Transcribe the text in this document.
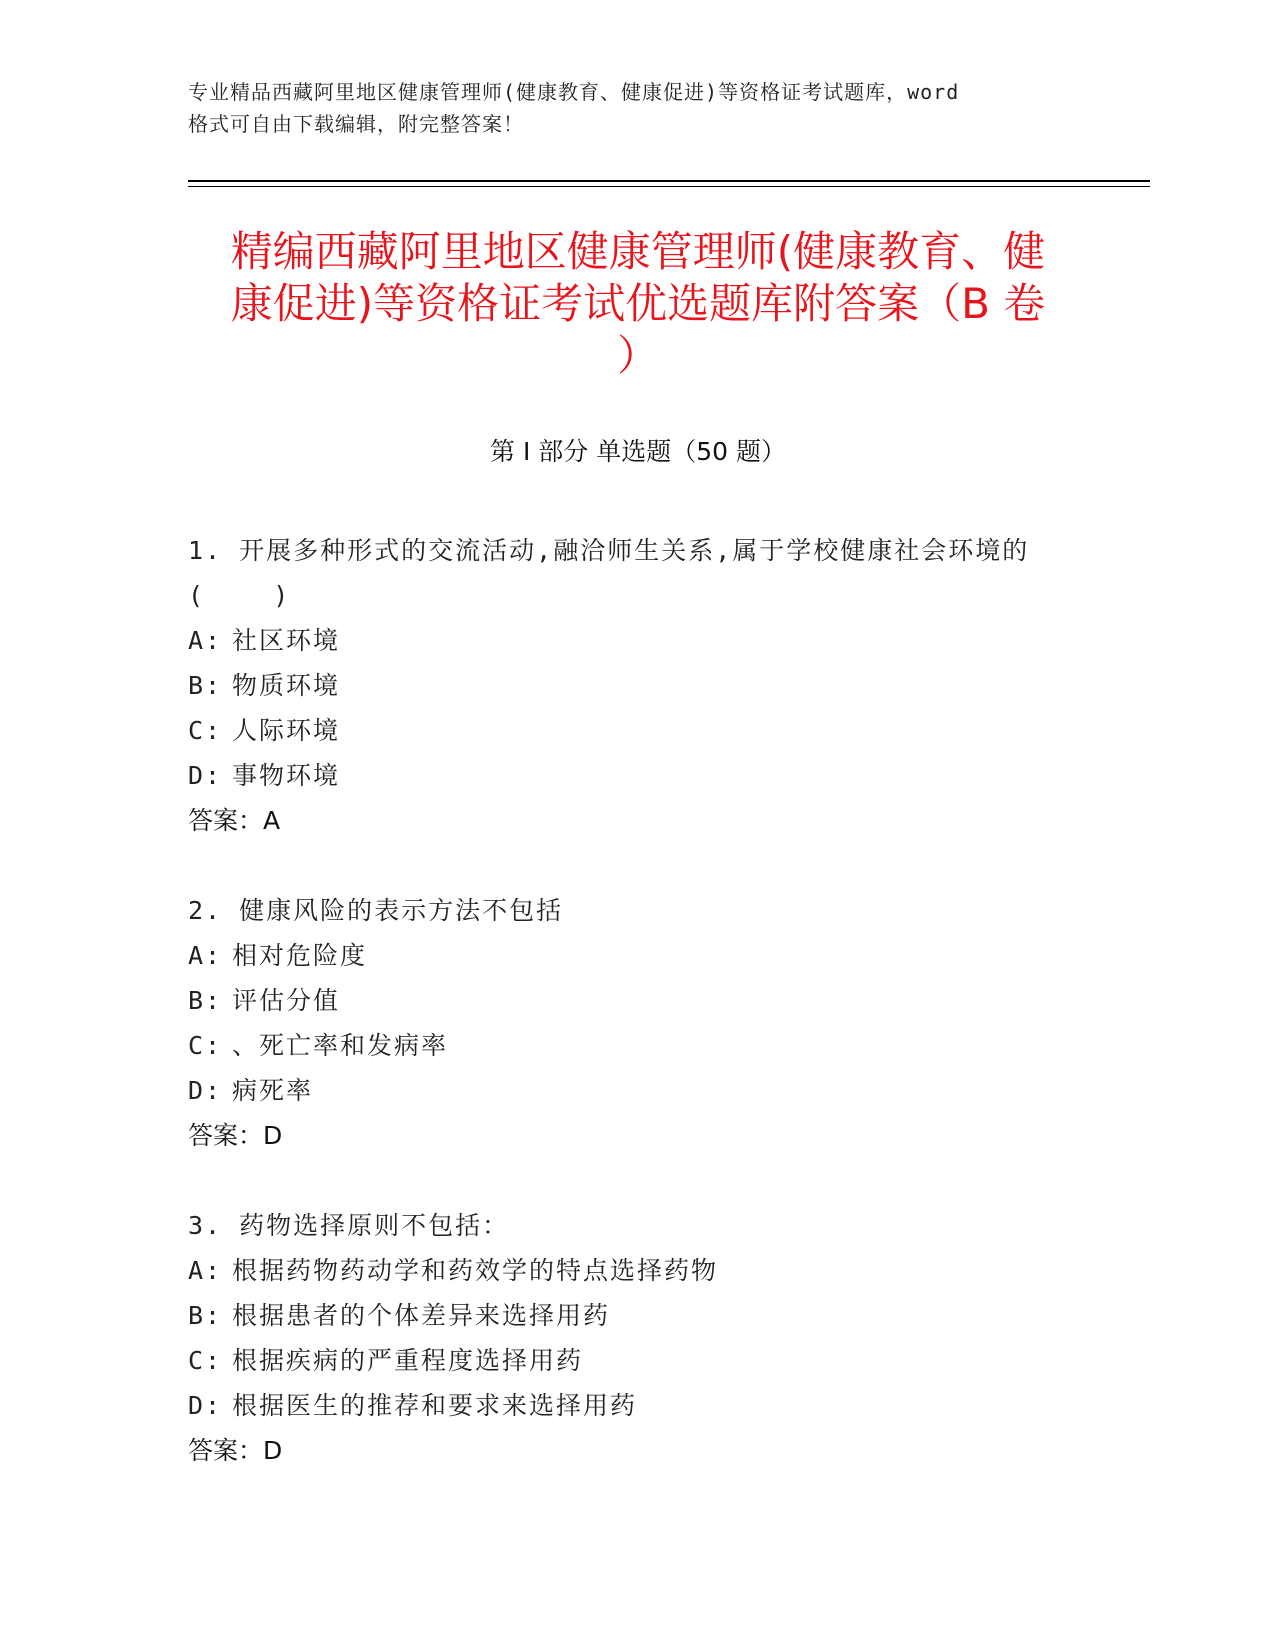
专业精品西藏阿里地区健康管理师(健康教育、健康促进)等资格证考试题库，word
格式可自由下载编辑，附完整答案！
精编西藏阿里地区健康管理师(健康教育、健
康促进)等资格证考试优选题库附答案（B 卷
）
第 I 部分 单选题（50 题）
1. 开展多种形式的交流活动,融洽师生关系,属于学校健康社会环境的
(    )
A: 社区环境
B: 物质环境
C: 人际环境
D: 事物环境
答案：A
2. 健康风险的表示方法不包括
A: 相对危险度
B: 评估分值
C: 、死亡率和发病率
D: 病死率
答案：D
3. 药物选择原则不包括：
A: 根据药物药动学和药效学的特点选择药物
B: 根据患者的个体差异来选择用药
C: 根据疾病的严重程度选择用药
D: 根据医生的推荐和要求来选择用药
答案：D
